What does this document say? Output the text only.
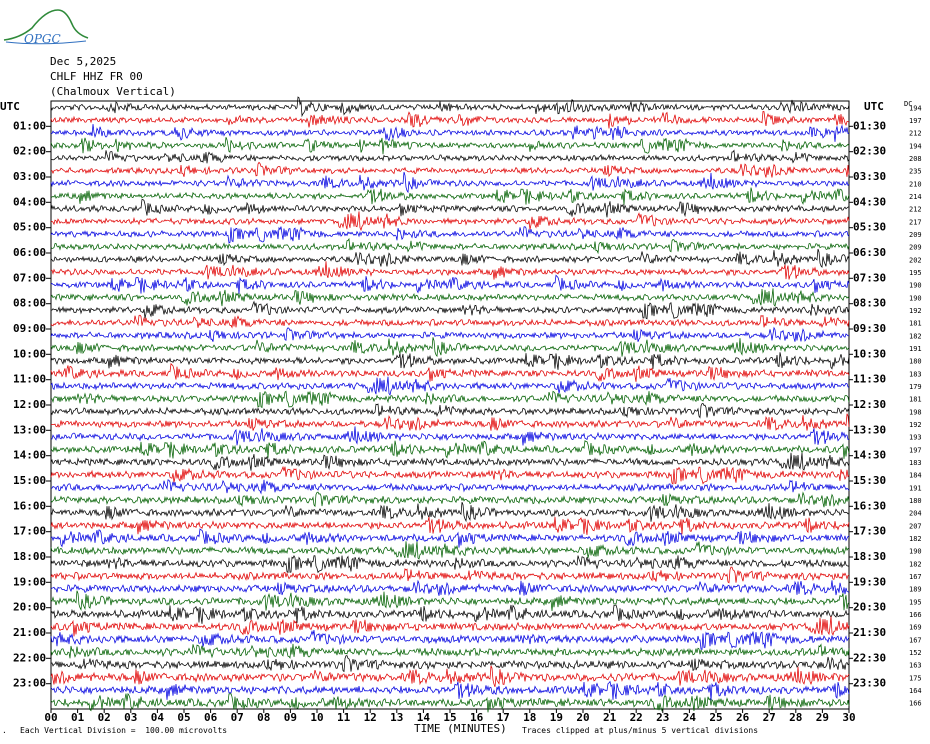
OPGC
Dec 5,2025
CHLF HHZ FR 00
(Chalmoux Vertical)
194
197
212
194
208
235
210
214
212
217
209
209
202
195
190
190
192
181
182
191
180
183
179
181
198
192
193
197
183
184
191
180
204
207
182
190
182
167
189
195
166
169
167
152
163
175
164
166
UTC	UTC	DC
01:00
02:00
03:00
04:00
05:00
06:00
07:00
08:00
09:00
10:00
11:00
12:00
13:00
14:00
15:00
16:00
17:00
18:00
19:00
20:00
21:00
22:00
23:00
01:30
02:30
03:30
04:30
05:30
06:30
07:30
08:30
09:30
10:30
11:30
12:30
13:30
14:30
15:30
16:30
17:30
18:30
19:30
20:30
21:30
22:30
23:30
00 01 02 03 04 05 06 07 08 09 10 11 12 13 14 15 16 17 18 19 20 21 22 23 24 25 26 27 28 29 30
. Each Vertical Division =  100.00 microvolts	TIME (MINUTES) Traces clipped at plus/minus 5 vertical divisions
